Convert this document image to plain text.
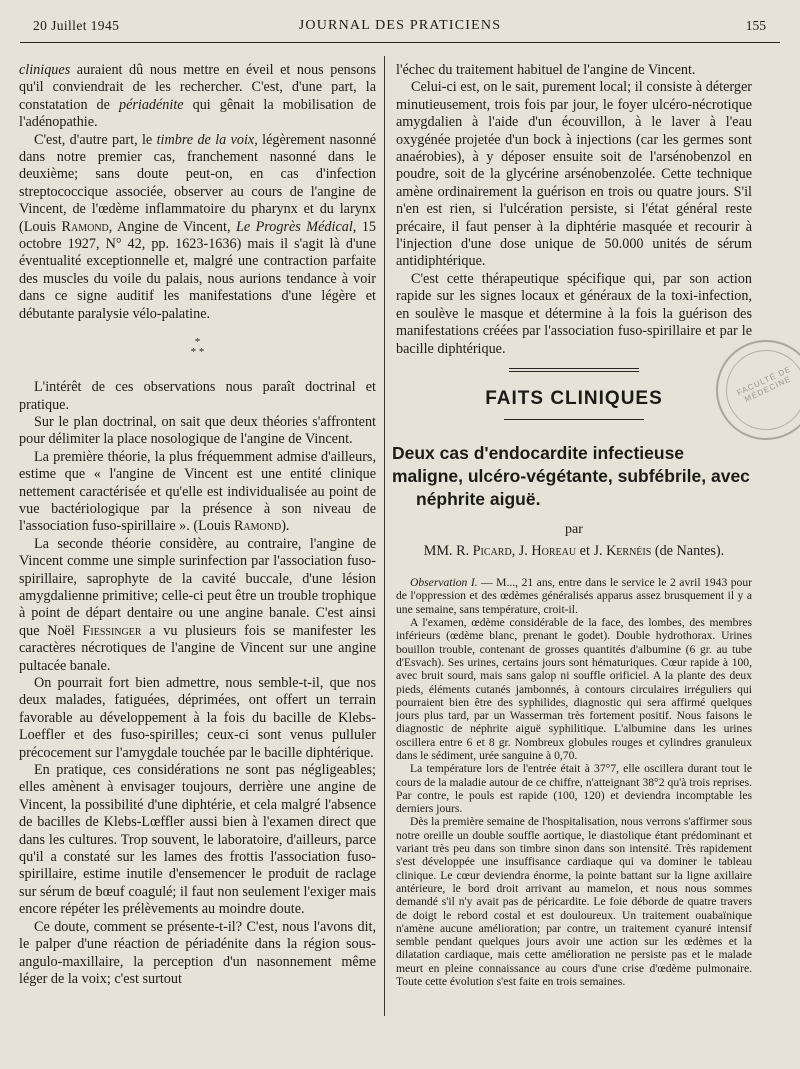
20 Juillet 1945	JOURNAL DES PRATICIENS	155

cliniques auraient dû nous mettre en éveil et nous pensons qu'il conviendrait de les rechercher. C'est, d'une part, la constatation de périadénite qui gênait la mobilisation de l'adénopathie.

C'est, d'autre part, le timbre de la voix, légèrement nasonné dans notre premier cas, franchement nasonné dans le deuxième; sans doute peut-on, en cas d'infection streptococcique associée, observer au cours de l'angine de Vincent, de l'œdème inflammatoire du pharynx et du larynx (Louis Ramond, Angine de Vincent, Le Progrès Médical, 15 octobre 1927, N° 42, pp. 1623-1636) mais il s'agit là d'une éventualité exceptionnelle et, malgré une contraction parfaite des muscles du voile du palais, nous aurions tendance à voir dans ce signe auditif les manifestations d'une légère et débutante paralysie vélo-palatine.

*
* *

L'intérêt de ces observations nous paraît doctrinal et pratique.

Sur le plan doctrinal, on sait que deux théories s'affrontent pour délimiter la place nosologique de l'angine de Vincent.

La première théorie, la plus fréquemment admise d'ailleurs, estime que « l'angine de Vincent est une entité clinique nettement caractérisée et qu'elle est individualisée au point de vue bactériologique par la présence à son niveau de l'association fuso-spirillaire ». (Louis Ramond).

La seconde théorie considère, au contraire, l'angine de Vincent comme une simple surinfection par l'association fuso-spirillaire, saprophyte de la cavité buccale, d'une lésion amygdalienne primitive; celle-ci peut être un trouble trophique à point de départ dentaire ou une angine banale. C'est ainsi que Noël Fiessinger a vu plusieurs fois se manifester les caractères nécrotiques de l'angine de Vincent sur une angine pultacée banale.

On pourrait fort bien admettre, nous semble-t-il, que nos deux malades, fatiguées, déprimées, ont offert un terrain favorable au développement à la fois du bacille de Klebs-Loeffler et des fuso-spirilles; ceux-ci sont venus pulluler précocement sur l'amygdale touchée par le bacille diphtérique.

En pratique, ces considérations ne sont pas négligeables; elles amènent à envisager toujours, derrière une angine de Vincent, la possibilité d'une diphtérie, et cela malgré l'absence de bacilles de Klebs-Lœffler aussi bien à l'examen direct que dans les cultures. Trop souvent, le laboratoire, d'ailleurs, parce qu'il a constaté sur les lames des frottis l'association fuso-spirillaire, estime inutile d'ensemencer le produit de raclage sur sérum de bœuf coagulé; il faut non seulement l'exiger mais encore répéter les prélèvements au moindre doute.

Ce doute, comment se présente-t-il? C'est, nous l'avons dit, le palper d'une réaction de périadénite dans la région sous-angulo-maxillaire, la perception d'un nasonnement même léger de la voix; c'est surtout

l'échec du traitement habituel de l'angine de Vincent.

Celui-ci est, on le sait, purement local; il consiste à déterger minutieusement, trois fois par jour, le foyer ulcéro-nécrotique amygdalien à l'aide d'un écouvillon, à le laver à l'eau oxygénée projetée d'un bock à injections (car les germes sont anaérobies), à y déposer ensuite soit de l'arsénobenzol en poudre, soit de la glycérine arsénobenzolée. Cette technique amène ordinairement la guérison en trois ou quatre jours. S'il n'en est rien, si l'ulcération persiste, si l'état général reste précaire, il faut penser à la diphtérie masquée et recourir à l'injection d'une dose unique de 50.000 unités de sérum antidiphtérique.

C'est cette thérapeutique spécifique qui, par son action rapide sur les signes locaux et généraux de la toxi-infection, en soulève le masque et détermine à la fois la guérison des manifestations créées par l'association fuso-spirillaire et par le bacille diphtérique.

FAITS CLINIQUES
Deux cas d'endocardite infectieuse maligne, ulcéro-végétante, subfébrile, avec
néphrite aiguë.
par
MM. R. Picard, J. Horeau et J. Kernéis (de Nantes).

Observation I. — M..., 21 ans, entre dans le service le 2 avril 1943 pour de l'oppression et des œdèmes généralisés apparus assez brusquement il y a une semaine, sans température, croit-il.

A l'examen, œdème considérable de la face, des lombes, des membres inférieurs (œdème blanc, prenant le godet). Double hydrothorax. Urines bouillon trouble, contenant de grosses quantités d'albumine (6 gr. au tube d'Esvach). Ses urines, certains jours sont hématuriques. Cœur rapide à 100, avec bruit sourd, mais sans galop ni souffle orificiel. A la plante des deux pieds, éléments cutanés jambonnés, à contours circulaires irréguliers qui pourraient bien être des syphilides, diagnostic qui sera affirmé quelques jours plus tard, par un Wasserman très fortement positif. Nous faisons le diagnostic de néphrite aiguë syphilitique. L'albumine dans les urines oscillera entre 6 et 8 gr. Nombreux globules rouges et cylindres granuleux dans le sédiment, urée sanguine à 0,70.

La température lors de l'entrée était à 37°7, elle oscillera durant tout le cours de la maladie autour de ce chiffre, n'atteignant 38°2 qu'à trois reprises. Par contre, le pouls est rapide (100, 120) et deviendra incomptable les derniers jours.

Dès la première semaine de l'hospitalisation, nous verrons s'affirmer sous notre oreille un double souffle aortique, le diastolique étant prédominant et variant très peu dans son timbre sinon dans son intensité. Très rapidement s'est développée une insuffisance cardiaque qui va dominer le tableau clinique. Le cœur deviendra énorme, la pointe battant sur la ligne axillaire antérieure, le bord droit arrivant au mamelon, et nous nous sommes demandé s'il n'y avait pas de péricardite. Le foie déborde de quatre travers de doigt le rebord costal et est douloureux. Un traitement ouabaïnique n'amène aucune amélioration; par contre, un traitement cyanuré intensif semble pendant quelques jours avoir une action sur les œdèmes et la dilatation cardiaque, mais cette amélioration ne persiste pas et le malade meurt en pleine connaissance au cours d'une crise d'œdème pulmonaire. Toute cette évolution s'est faite en trois semaines.

FACULTÉ DE MÉDECINE
